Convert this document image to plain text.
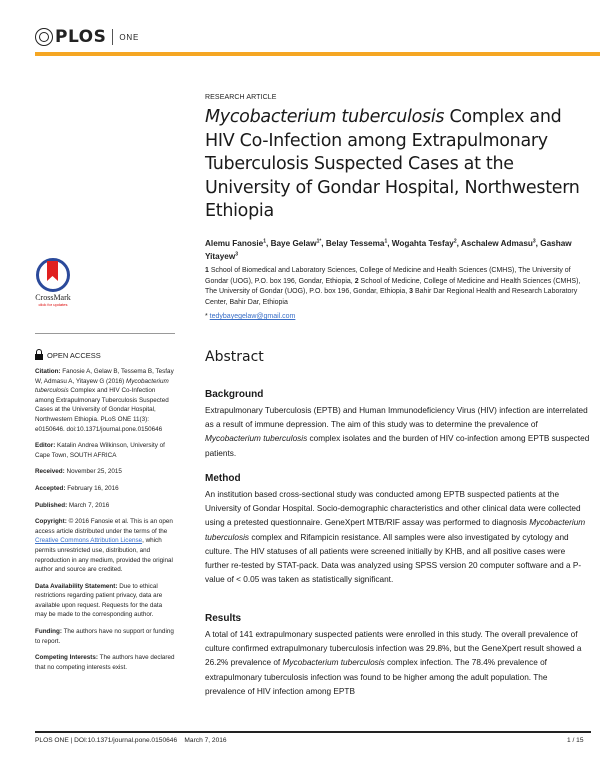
PLOS ONE
CrossMark
click for updates
OPEN ACCESS

Citation: Fanosie A, Gelaw B, Tessema B, Tesfay W, Admasu A, Yitayew G (2016) Mycobacterium tuberculosis Complex and HIV Co-Infection among Extrapulmonary Tuberculosis Suspected Cases at the University of Gondar Hospital, Northwestern Ethiopia. PLoS ONE 11(3): e0150646. doi:10.1371/journal.pone.0150646

Editor: Katalin Andrea Wilkinson, University of Cape Town, SOUTH AFRICA

Received: November 25, 2015

Accepted: February 16, 2016

Published: March 7, 2016

Copyright: © 2016 Fanosie et al. This is an open access article distributed under the terms of the Creative Commons Attribution License, which permits unrestricted use, distribution, and reproduction in any medium, provided the original author and source are credited.

Data Availability Statement: Due to ethical restrictions regarding patient privacy, data are available upon request. Requests for the data may be made to the corresponding author.

Funding: The authors have no support or funding to report.

Competing Interests: The authors have declared that no competing interests exist.

RESEARCH ARTICLE
Mycobacterium tuberculosis Complex and HIV Co-Infection among Extrapulmonary Tuberculosis Suspected Cases at the University of Gondar Hospital, Northwestern Ethiopia
Alemu Fanosie$^1$, Baye Gelaw$^{1*}$, Belay Tessema$^1$, Wogahta Tesfay$^2$, Aschalew Admasu$^3$, Gashaw Yitayew$^3$
1 School of Biomedical and Laboratory Sciences, College of Medicine and Health Sciences (CMHS), The University of Gondar (UOG), P.O. box 196, Gondar, Ethiopia, 2 School of Medicine, College of Medicine and Health Sciences (CMHS), The University of Gondar (UOG), P.O. box 196, Gondar, Ethiopia, 3 Bahir Dar Regional Health and Research Laboratory Center, Bahir Dar, Ethiopia
* tedybayegelaw@gmail.com
Abstract
Background
Extrapulmonary Tuberculosis (EPTB) and Human Immunodeficiency Virus (HIV) infection are interrelated as a result of immune depression. The aim of this study was to determine the prevalence of Mycobacterium tuberculosis complex isolates and the burden of HIV co-infection among EPTB suspected patients.
Method
An institution based cross-sectional study was conducted among EPTB suspected patients at the University of Gondar Hospital. Socio-demographic characteristics and other clinical data were collected using a pretested questionnaire. GeneXpert MTB/RIF assay was performed to diagnosis Mycobacterium tuberculosis complex and Rifampicin resistance. All samples were also investigated by cytology and culture. The HIV statuses of all patients were screened initially by KHB, and all positive cases were further re-tested by STAT-pack. Data was analyzed using SPSS version 20 computer software and a P-value of < 0.05 was taken as statistically significant.
Results
A total of 141 extrapulmonary suspected patients were enrolled in this study. The overall prevalence of culture confirmed extrapulmonary tuberculosis infection was 29.8%, but the GeneXpert result showed a 26.2% prevalence of Mycobacterium tuberculosis complex infection. The 78.4% prevalence of extrapulmonary tuberculosis infection was found to be higher among the adult population. The prevalence of HIV infection among EPTB
PLOS ONE | DOI:10.1371/journal.pone.0150646    March 7, 2016	1 / 15
